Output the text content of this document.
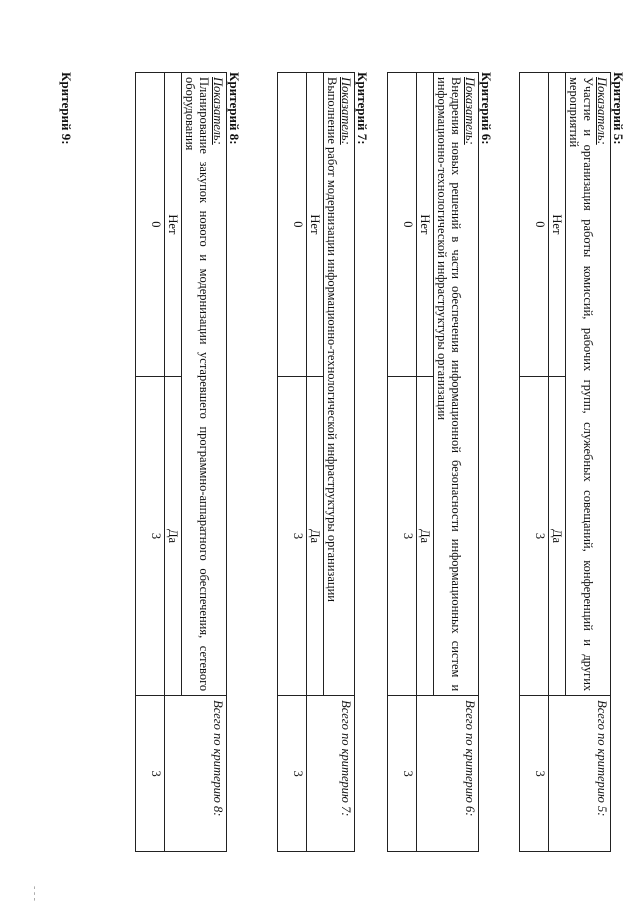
- - -
Критерий 5:
Показатель:
Участие и организация работы комиссий, рабочих групп, служебных совещаний, конференций и других мероприятий		Всего по критерию 5:
Нет	Да	
0	3	3
Критерий 6:
Показатель:
Внедрения новых решений в части обеспечения информационной безопасности информационных систем и информационно-технологической инфраструктуры организации		Всего по критерию 6:
Нет	Да	
0	3	3
Критерий 7:
Показатель:
Выполнение работ модернизации информационно-технологической инфраструктуры организации		Всего по критерию 7:
Нет	Да	
0	3	3
Критерий 8:
Показатель:
Планирование закупок нового и модернизации устаревшего программно-аппаратного обеспечения, сетевого оборудования		Всего по критерию 8:
Нет	Да	
0	3	3
Критерий 9:
